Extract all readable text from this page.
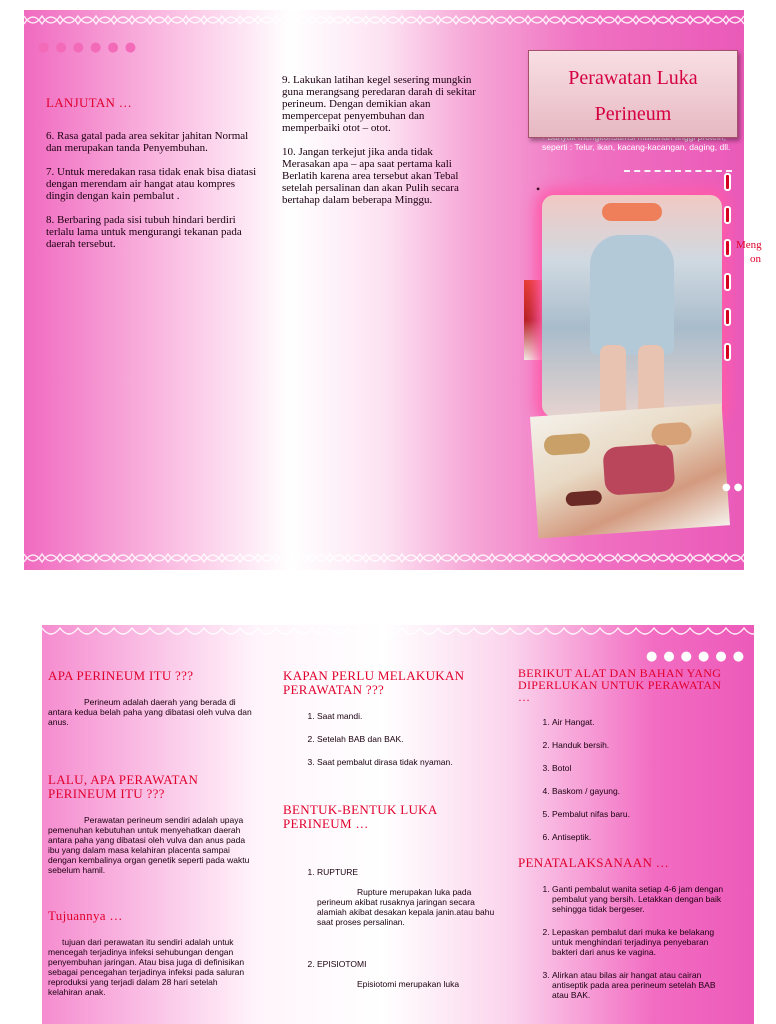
●●●●●●
LANJUTAN …

6. Rasa gatal pada area sekitar jahitan Normal dan merupakan tanda Penyembuhan.

7. Untuk meredakan rasa tidak enak bisa diatasi dengan merendam air hangat atau kompres dingin dengan kain pembalut .

8. Berbaring pada sisi tubuh hindari berdiri terlalu lama untuk mengurangi tekanan pada daerah tersebut.

9. Lakukan latihan kegel sesering mungkin guna merangsang peredaran darah di sekitar perineum. Dengan demikian akan mempercepat penyembuhan dan memperbaiki otot – otot.

10. Jangan terkejut jika anda tidak Merasakan apa – apa saat pertama kali Berlatih karena area tersebut akan Tebal setelah persalinan dan akan Pulih secara bertahap dalam beberapa Minggu.

seperti : Telur, ikan, kacang-kacangan, daging, dll.
•
Perawatan Luka
Perineum
●●●
Meng
on
●●●●●●
APA PERINEUM ITU ???
Perineum adalah daerah yang berada di antara kedua belah paha yang dibatasi oleh vulva dan anus.
LALU, APA PERAWATAN PERINEUM ITU ???
Perawatan perineum sendiri adalah upaya pemenuhan kebutuhan untuk menyehatkan daerah antara paha yang dibatasi oleh vulva dan anus pada ibu yang dalam masa kelahiran placenta sampai dengan kembalinya organ genetik seperti pada waktu sebelum hamil.
Tujuannya …
tujuan dari perawatan itu sendiri adalah untuk mencegah terjadinya infeksi sehubungan dengan penyembuhan jaringan. Atau bisa juga di definisikan sebagai pencegahan terjadinya infeksi pada saluran reproduksi yang terjadi dalam 28 hari setelah kelahiran anak.
KAPAN PERLU MELAKUKAN PERAWATAN ???
1. Saat mandi.
2. Setelah BAB dan BAK.
3. Saat pembalut dirasa tidak nyaman.
BENTUK-BENTUK LUKA PERINEUM …
1. RUPTURE
Rupture merupakan luka pada perineum akibat rusaknya jaringan secara alamiah akibat desakan kepala janin.atau bahu saat proses persalinan.
2. EPISIOTOMI
Episiotomi merupakan luka
BERIKUT ALAT DAN BAHAN YANG DIPERLUKAN UNTUK PERAWATAN …
1. Air Hangat.
2. Handuk bersih.
3. Botol
4. Baskom / gayung.
5. Pembalut nifas baru.
6. Antiseptik.
PENATALAKSANAAN …
1. Ganti pembalut wanita setiap 4-6 jam dengan pembalut yang bersih. Letakkan dengan baik sehingga tidak bergeser.
2. Lepaskan pembalut dari muka ke belakang untuk menghindari terjadinya penyebaran bakteri dari anus ke vagina.
3. Alirkan atau bilas air hangat atau cairan antiseptik pada area perineum setelah BAB atau BAK.
